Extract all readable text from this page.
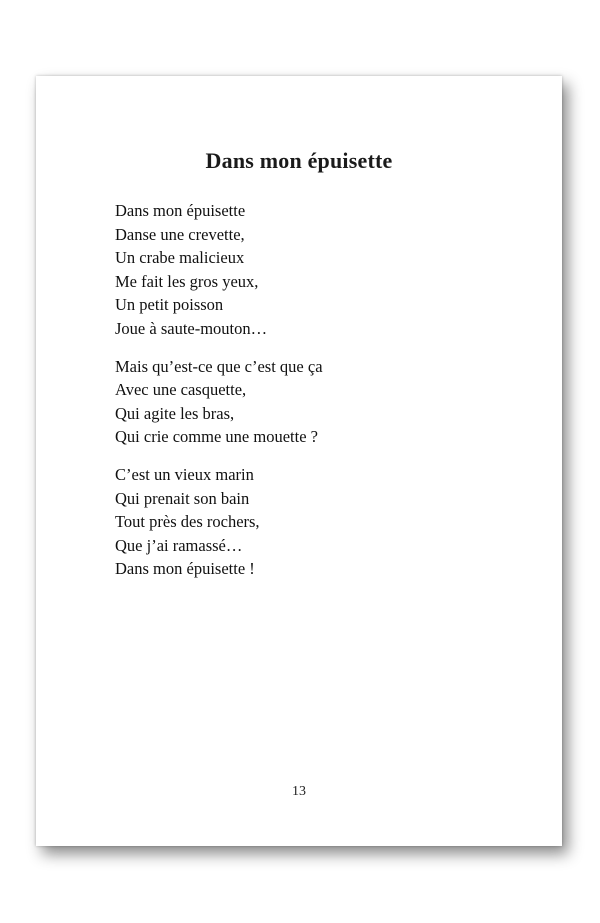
Dans mon épuisette
Dans mon épuisette
Danse une crevette,
Un crabe malicieux
Me fait les gros yeux,
Un petit poisson
Joue à saute-mouton…
Mais qu’est-ce que c’est que ça
Avec une casquette,
Qui agite les bras,
Qui crie comme une mouette ?
C’est un vieux marin
Qui prenait son bain
Tout près des rochers,
Que j’ai ramassé…
Dans mon épuisette !
13
